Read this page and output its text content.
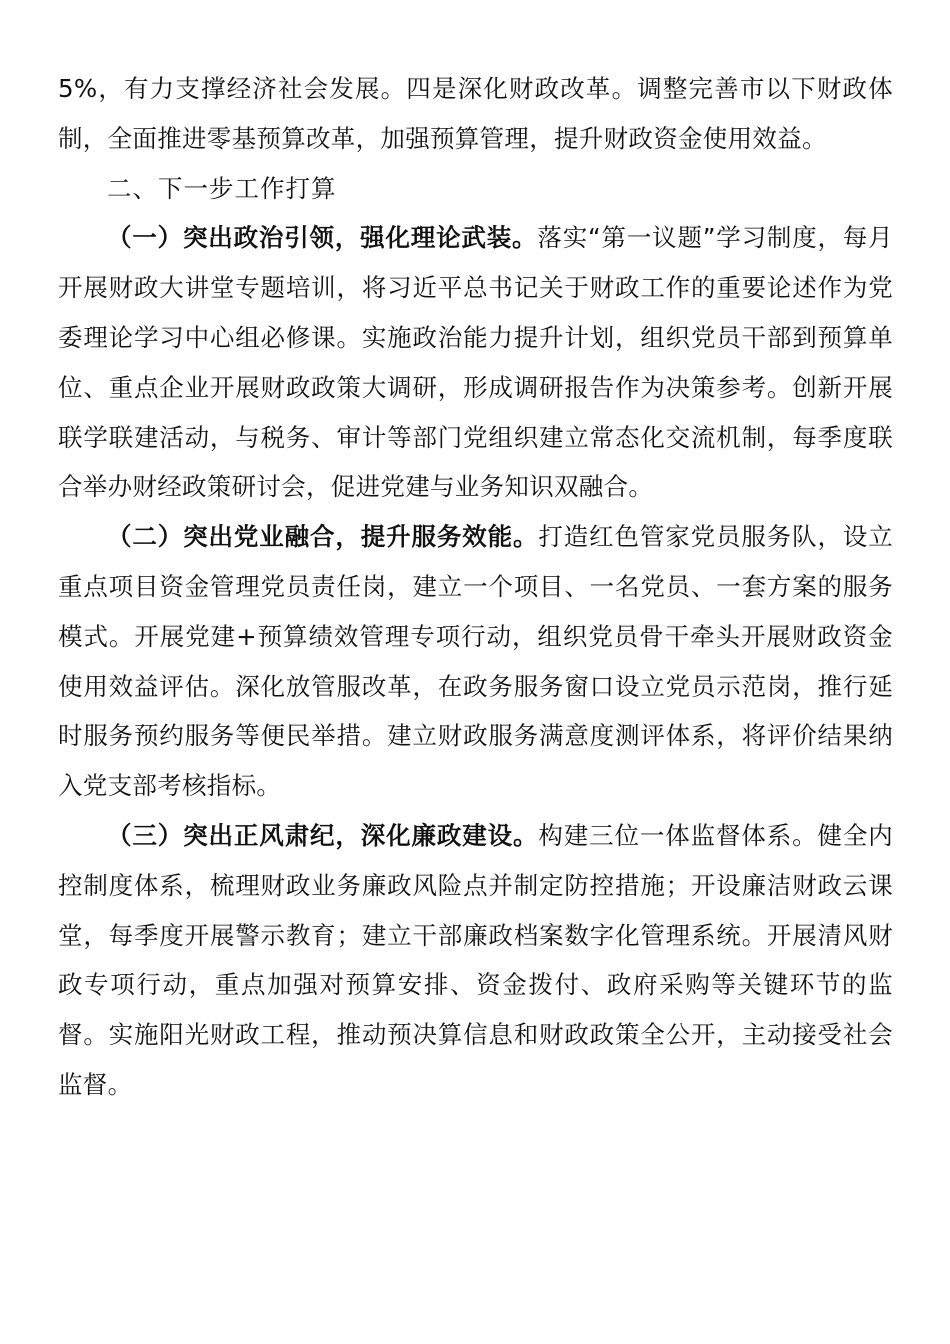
5%，有力支撑经济社会发展。四是深化财政改革。调整完善市以下财政体制，全面推进零基预算改革，加强预算管理，提升财政资金使用效益。

二、下一步工作打算

（一）突出政治引领，强化理论武装。落实“第一议题”学习制度，每月开展财政大讲堂专题培训，将习近平总书记关于财政工作的重要论述作为党委理论学习中心组必修课。实施政治能力提升计划，组织党员干部到预算单位、重点企业开展财政政策大调研，形成调研报告作为决策参考。创新开展联学联建活动，与税务、审计等部门党组织建立常态化交流机制，每季度联合举办财经政策研讨会，促进党建与业务知识双融合。

（二）突出党业融合，提升服务效能。打造红色管家党员服务队，设立重点项目资金管理党员责任岗，建立一个项目、一名党员、一套方案的服务模式。开展党建+预算绩效管理专项行动，组织党员骨干牵头开展财政资金使用效益评估。深化放管服改革，在政务服务窗口设立党员示范岗，推行延时服务预约服务等便民举措。建立财政服务满意度测评体系，将评价结果纳入党支部考核指标。

（三）突出正风肃纪，深化廉政建设。构建三位一体监督体系。健全内控制度体系，梳理财政业务廉政风险点并制定防控措施；开设廉洁财政云课堂，每季度开展警示教育；建立干部廉政档案数字化管理系统。开展清风财政专项行动，重点加强对预算安排、资金拨付、政府采购等关键环节的监督。实施阳光财政工程，推动预决算信息和财政政策全公开，主动接受社会监督。
